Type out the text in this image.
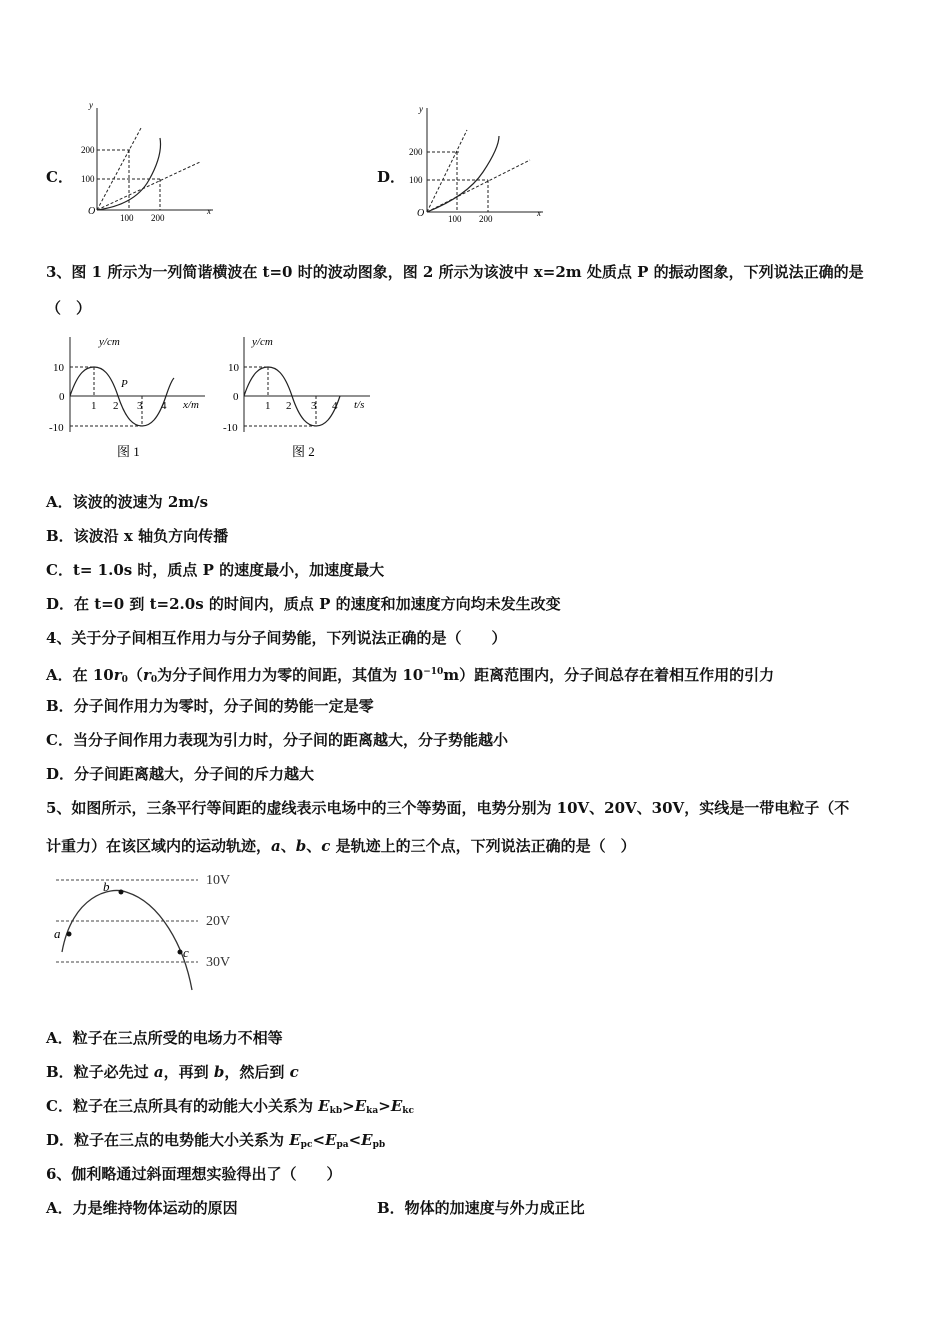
C．
y
x
O
200
100
100 200
D．
y
x
O
200
100
100 200
3、图 1 所示为一列简谐横波在 t=0 时的波动图象，图 2 所示为该波中 x=2m 处质点 P 的振动图象，下列说法正确的是
（　）
y/cm
x/m
P
10
0
-10
1 2 3 4
图 1
y/cm
t/s
10
0
-10
1 2 3 4
图 2
A．该波的波速为 2m/s
B．该波沿 x 轴负方向传播
C．t= 1.0s 时，质点 P 的速度最小，加速度最大
D．在 t=0 到 t=2.0s 的时间内，质点 P 的速度和加速度方向均未发生改变
4、关于分子间相互作用力与分子间势能，下列说法正确的是（　　）
A．在 $10r_0(r_0$为分子间作用力为零的间距，其值为 $10^{-10}m$）距离范围内，分子间总存在着相互作用的引力
B．分子间作用力为零时，分子间的势能一定是零
C．当分子间作用力表现为引力时，分子间的距离越大，分子势能越小
D．分子间距离越大，分子间的斥力越大
5、如图所示，三条平行等间距的虚线表示电场中的三个等势面，电势分别为 10V、20V、30V，实线是一带电粒子（不
计重力）在该区域内的运动轨迹，a、b、c 是轨迹上的三个点，下列说法正确的是（　）
a
b
c
10V
20V
30V
A．粒子在三点所受的电场力不相等
B．粒子必先过 a，再到 b，然后到 c
C．粒子在三点所具有的动能大小关系为 $E_{kb}>E_{ka}>E_{kc}$
D．粒子在三点的电势能大小关系为 $E_{pc}<E_{pa}<E_{pb}$
6、伽利略通过斜面理想实验得出了（　　）
A．力是维持物体运动的原因	B．物体的加速度与外力成正比
